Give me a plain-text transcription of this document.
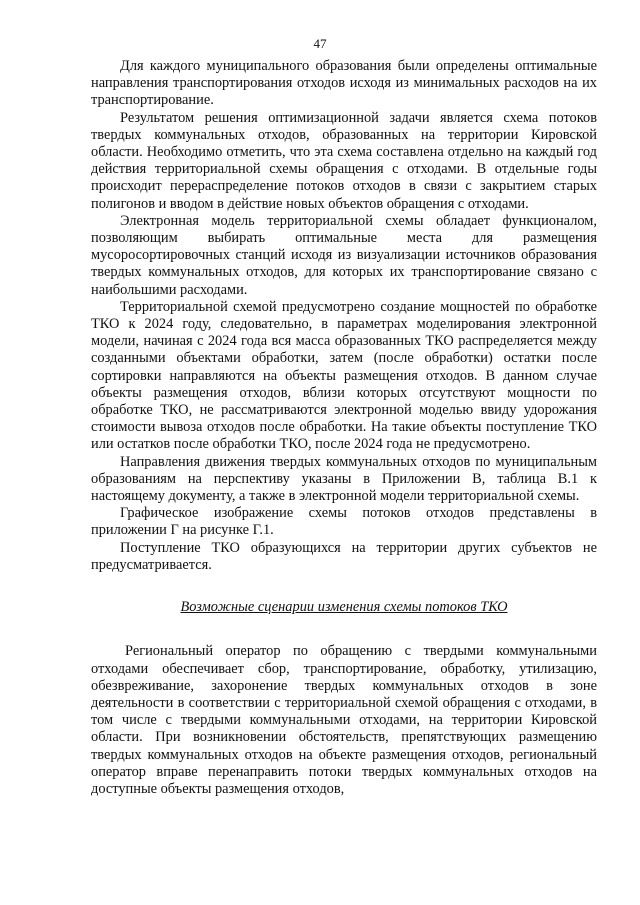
47

Для каждого муниципального образования были определены оптимальные направления транспортирования отходов исходя из минимальных расходов на их транспортирование.

Результатом решения оптимизационной задачи является схема потоков твердых коммунальных отходов, образованных на территории Кировской области. Необходимо отметить, что эта схема составлена отдельно на каждый год действия территориальной схемы обращения с отходами. В отдельные годы происходит перераспределение потоков отходов в связи с закрытием старых полигонов и вводом в действие новых объектов обращения с отходами.

Электронная модель территориальной схемы обладает функционалом, позволяющим выбирать оптимальные места для размещения мусоросортировочных станций исходя из визуализации источников образования твердых коммунальных отходов, для которых их транспортирование связано с наибольшими расходами.

Территориальной схемой предусмотрено создание мощностей по обработке ТКО к 2024 году, следовательно, в параметрах моделирования электронной модели, начиная с 2024 года вся масса образованных ТКО распределяется между созданными объектами обработки, затем (после обработки) остатки после сортировки направляются на объекты размещения отходов. В данном случае объекты размещения отходов, вблизи которых отсутствуют мощности по обработке ТКО, не рассматриваются электронной моделью ввиду удорожания стоимости вывоза отходов после обработки. На такие объекты поступление ТКО или остатков после обработки ТКО, после 2024 года не предусмотрено.

Направления движения твердых коммунальных отходов по муниципальным образованиям на перспективу указаны в Приложении В, таблица В.1 к настоящему документу, а также в электронной модели территориальной схемы.

Графическое изображение схемы потоков отходов представлены в приложении Г на рисунке Г.1.

Поступление ТКО образующихся на территории других субъектов не предусматривается.

Возможные сценарии изменения схемы потоков ТКО

Региональный оператор по обращению с твердыми коммунальными отходами обеспечивает сбор, транспортирование, обработку, утилизацию, обезвреживание, захоронение твердых коммунальных отходов в зоне деятельности в соответствии с территориальной схемой обращения с отходами, в том числе с твердыми коммунальными отходами, на территории Кировской области. При возникновении обстоятельств, препятствующих размещению твердых коммунальных отходов на объекте размещения отходов, региональный оператор вправе перенаправить потоки твердых коммунальных отходов на доступные объекты размещения отходов,
